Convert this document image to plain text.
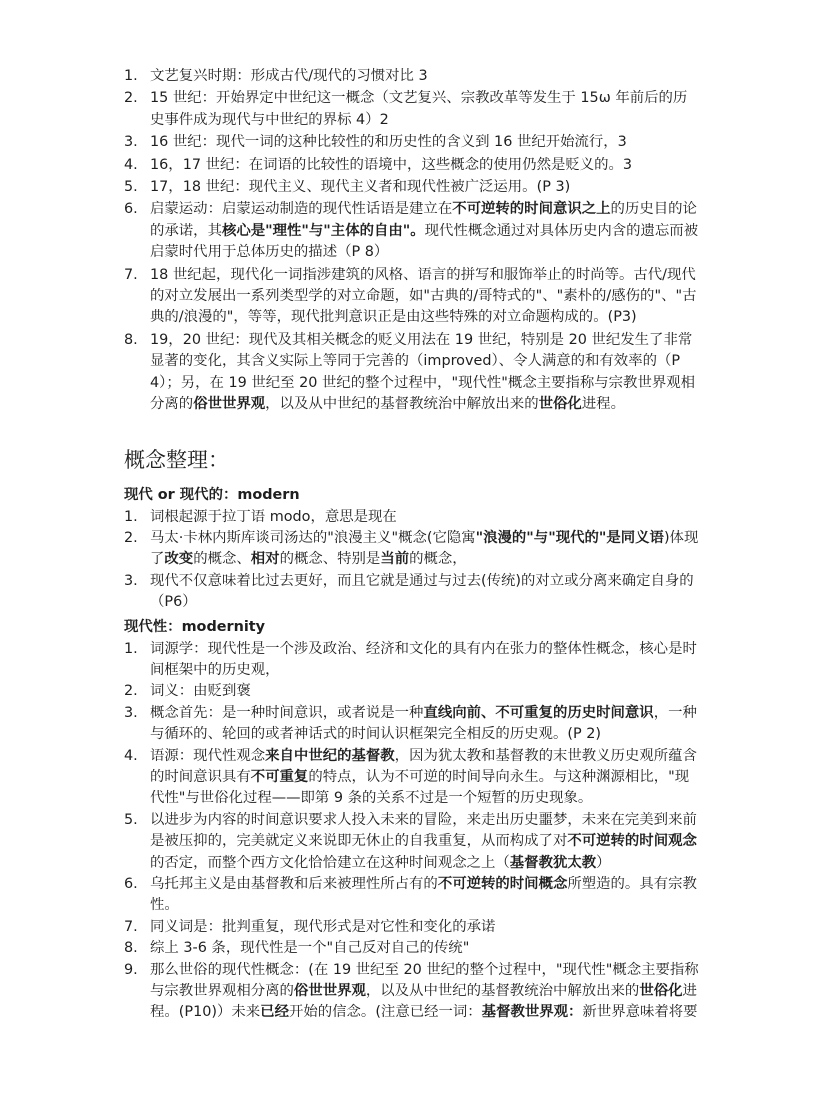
1. 文艺复兴时期：形成古代/现代的习惯对比 3
2. 15 世纪：开始界定中世纪这一概念（文艺复兴、宗教改革等发生于 15ω 年前后的历史事件成为现代与中世纪的界标 4）2
3. 16 世纪：现代一词的这种比较性的和历史性的含义到 16 世纪开始流行，3
4. 16，17 世纪：在词语的比较性的语境中，这些概念的使用仍然是贬义的。3
5. 17，18 世纪：现代主义、现代主义者和现代性被广泛运用。(P 3)
6. 启蒙运动：启蒙运动制造的现代性话语是建立在不可逆转的时间意识之上的历史目的论的承诺，其核心是"理性"与"主体的自由"。现代性概念通过对具体历史内含的遗忘而被启蒙时代用于总体历史的描述（P 8）
7. 18 世纪起，现代化一词指涉建筑的风格、语言的拼写和服饰举止的时尚等。古代/现代的对立发展出一系列类型学的对立命题，如"古典的/哥特式的"、"素朴的/感伤的"、"古典的/浪漫的"，等等，现代批判意识正是由这些特殊的对立命题构成的。(P3)
8. 19，20 世纪：现代及其相关概念的贬义用法在 19 世纪，特别是 20 世纪发生了非常显著的变化，其含义实际上等同于完善的（improved）、令人满意的和有效率的（P 4）；另，在 19 世纪至 20 世纪的整个过程中，"现代性"概念主要指称与宗教世界观相分离的俗世世界观，以及从中世纪的基督教统治中解放出来的世俗化进程。
概念整理：
现代 or 现代的：modern
1. 词根起源于拉丁语 modo，意思是现在
2. 马太·卡林内斯库谈司汤达的"浪漫主义"概念(它隐寓"浪漫的"与"现代的"是同义语)体现了改变的概念、相对的概念、特别是当前的概念，
3. 现代不仅意味着比过去更好，而且它就是通过与过去(传统)的对立或分离来确定自身的（P6）
现代性：modernity
1. 词源学：现代性是一个涉及政治、经济和文化的具有内在张力的整体性概念，核心是时间框架中的历史观，
2. 词义：由贬到褒
3. 概念首先：是一种时间意识，或者说是一种直线向前、不可重复的历史时间意识，一种与循环的、轮回的或者神话式的时间认识框架完全相反的历史观。(P 2)
4. 语源：现代性观念来自中世纪的基督教，因为犹太教和基督教的末世教义历史观所蕴含的时间意识具有不可重复的特点，认为不可逆的时间导向永生。与这种渊源相比，"现代性"与世俗化过程——即第 9 条的关系不过是一个短暂的历史现象。
5. 以进步为内容的时间意识要求人投入未来的冒险，来走出历史噩梦，未来在完美到来前是被压抑的，完美就定义来说即无休止的自我重复，从而构成了对不可逆转的时间观念的否定，而整个西方文化恰恰建立在这种时间观念之上（基督教犹太教）
6. 乌托邦主义是由基督教和后来被理性所占有的不可逆转的时间概念所塑造的。具有宗教性。
7. 同义词是：批判重复，现代形式是对它性和变化的承诺
8. 综上 3-6 条，现代性是一个"自己反对自己的传统"
9. 那么世俗的现代性概念：(在 19 世纪至 20 世纪的整个过程中，"现代性"概念主要指称与宗教世界观相分离的俗世世界观，以及从中世纪的基督教统治中解放出来的世俗化进程。(P10)）未来已经开始的信念。(注意已经一词：基督教世界观：新世界意味着将要
